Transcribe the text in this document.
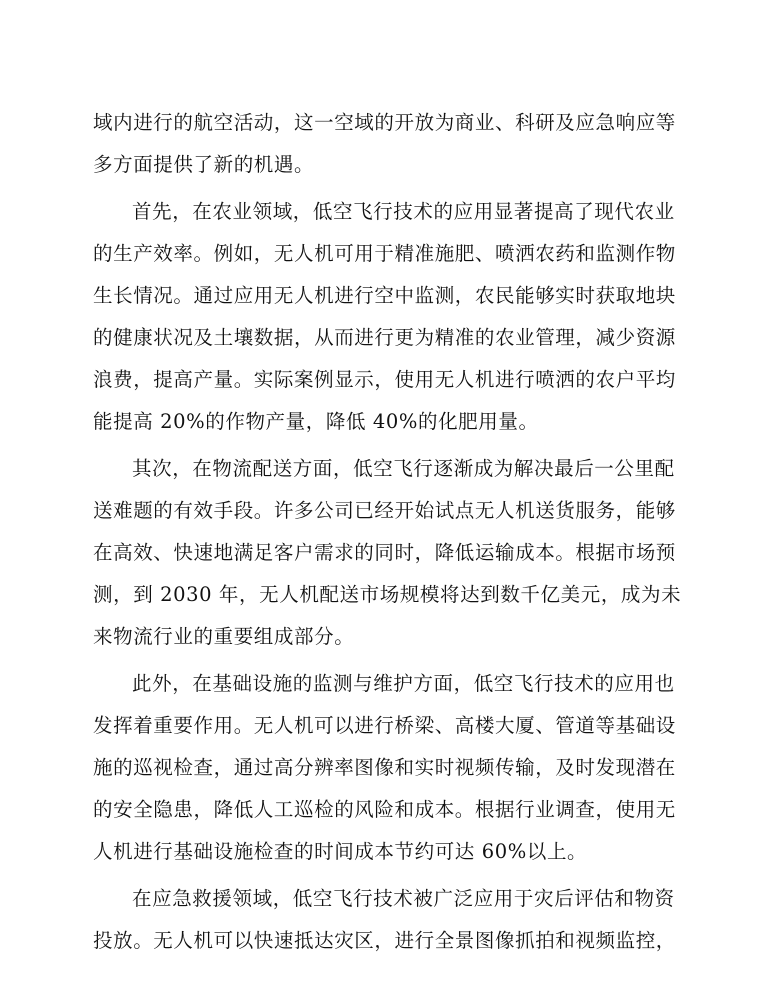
域内进行的航空活动，这一空域的开放为商业、科研及应急响应等
多方面提供了新的机遇。
首先，在农业领域，低空飞行技术的应用显著提高了现代农业
的生产效率。例如，无人机可用于精准施肥、喷洒农药和监测作物
生长情况。通过应用无人机进行空中监测，农民能够实时获取地块
的健康状况及土壤数据，从而进行更为精准的农业管理，减少资源
浪费，提高产量。实际案例显示，使用无人机进行喷洒的农户平均
能提高 20%的作物产量，降低 40%的化肥用量。
其次，在物流配送方面，低空飞行逐渐成为解决最后一公里配
送难题的有效手段。许多公司已经开始试点无人机送货服务，能够
在高效、快速地满足客户需求的同时，降低运输成本。根据市场预
测，到 2030 年，无人机配送市场规模将达到数千亿美元，成为未
来物流行业的重要组成部分。
此外，在基础设施的监测与维护方面，低空飞行技术的应用也
发挥着重要作用。无人机可以进行桥梁、高楼大厦、管道等基础设
施的巡视检查，通过高分辨率图像和实时视频传输，及时发现潜在
的安全隐患，降低人工巡检的风险和成本。根据行业调查，使用无
人机进行基础设施检查的时间成本节约可达 60%以上。
在应急救援领域，低空飞行技术被广泛应用于灾后评估和物资
投放。无人机可以快速抵达灾区，进行全景图像抓拍和视频监控，
